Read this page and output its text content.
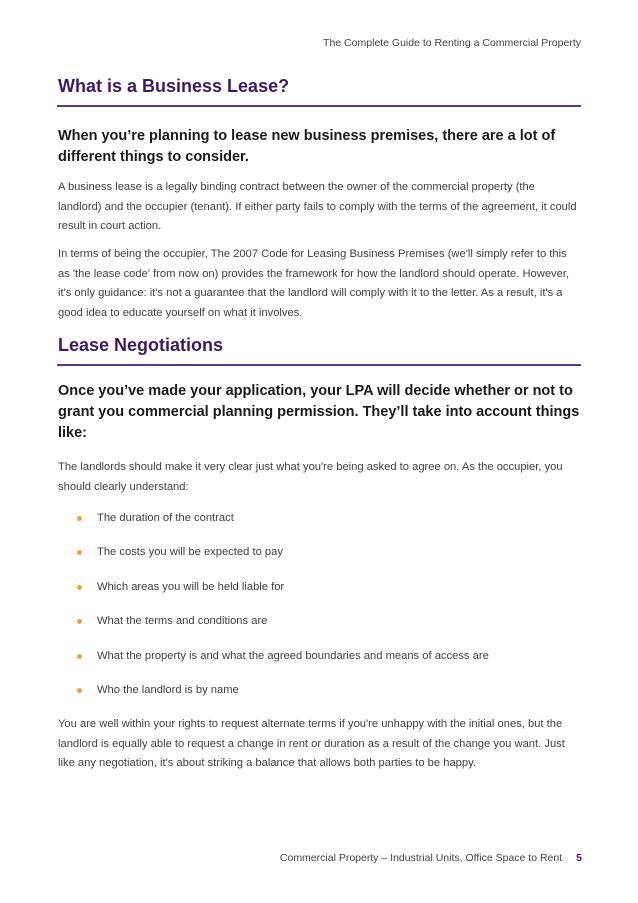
The Complete Guide to Renting a Commercial Property
What is a Business Lease?
When you’re planning to lease new business premises, there are a lot of different things to consider.

A business lease is a legally binding contract between the owner of the commercial property (the landlord) and the occupier (tenant). If either party fails to comply with the terms of the agreement, it could result in court action.

In terms of being the occupier, The 2007 Code for Leasing Business Premises (we'll simply refer to this as 'the lease code' from now on) provides the framework for how the landlord should operate. However, it's only guidance: it's not a guarantee that the landlord will comply with it to the letter. As a result, it's a good idea to educate yourself on what it involves.

Lease Negotiations
Once you’ve made your application, your LPA will decide whether or not to grant you commercial planning permission. They’ll take into account things like:

The landlords should make it very clear just what you're being asked to agree on. As the occupier, you should clearly understand:

The duration of the contract
The costs you will be expected to pay
Which areas you will be held liable for
What the terms and conditions are
What the property is and what the agreed boundaries and means of access are
Who the landlord is by name

You are well within your rights to request alternate terms if you're unhappy with the initial ones, but the landlord is equally able to request a change in rent or duration as a result of the change you want. Just like any negotiation, it's about striking a balance that allows both parties to be happy.

Commercial Property – Industrial Units, Office Space to Rent 5
